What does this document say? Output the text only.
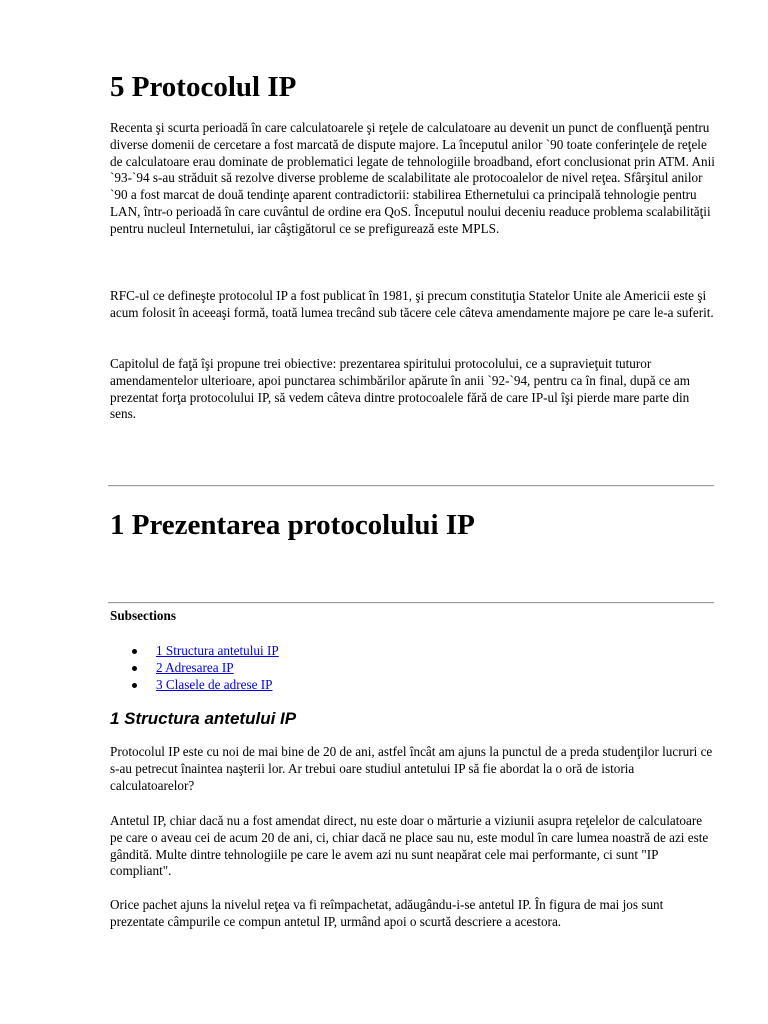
5 Protocolul IP

Recenta şi scurta perioadă în care calculatoarele şi reţele de calculatoare au devenit un punct de confluenţă pentru diverse domenii de cercetare a fost marcată de dispute majore. La începutul anilor `90 toate conferinţele de reţele de calculatoare erau dominate de problematici legate de tehnologiile broadband, efort conclusionat prin ATM. Anii `93-`94 s-au străduit să rezolve diverse probleme de scalabilitate ale protocoalelor de nivel reţea. Sfârşitul anilor `90 a fost marcat de două tendinţe aparent contradictorii: stabilirea Ethernetului ca principală tehnologie pentru LAN, într-o perioadă în care cuvântul de ordine era QoS. Începutul noului deceniu readuce problema scalabilităţii pentru nucleul Internetului, iar câştigătorul ce se prefigurează este MPLS.

RFC-ul ce defineşte protocolul IP a fost publicat în 1981, şi precum constituţia Statelor Unite ale Americii este şi acum folosit în aceeaşi formă, toată lumea trecând sub tăcere cele câteva amendamente majore pe care le-a suferit.

Capitolul de faţă îşi propune trei obiective: prezentarea spiritului protocolului, ce a supravieţuit tuturor amendamentelor ulterioare, apoi punctarea schimbărilor apărute în anii `92-`94, pentru ca în final, după ce am prezentat forţa protocolului IP, să vedem câteva dintre protocoalele fără de care IP-ul îşi pierde mare parte din sens.

1 Prezentarea protocolului IP
Subsections
1 Structura antetului IP
2 Adresarea IP
3 Clasele de adrese IP
1 Structura antetului IP

Protocolul IP este cu noi de mai bine de 20 de ani, astfel încât am ajuns la punctul de a preda studenţilor lucruri ce s-au petrecut înaintea naşterii lor. Ar trebui oare studiul antetului IP să fie abordat la o oră de istoria calculatoarelor?

Antetul IP, chiar dacă nu a fost amendat direct, nu este doar o mărturie a viziunii asupra reţelelor de calculatoare pe care o aveau cei de acum 20 de ani, ci, chiar dacă ne place sau nu, este modul în care lumea noastră de azi este gândită. Multe dintre tehnologiile pe care le avem azi nu sunt neapărat cele mai performante, ci sunt "IP compliant".

Orice pachet ajuns la nivelul reţea va fi reîmpachetat, adăugându-i-se antetul IP. În figura de mai jos sunt prezentate câmpurile ce compun antetul IP, urmând apoi o scurtă descriere a acestora.
